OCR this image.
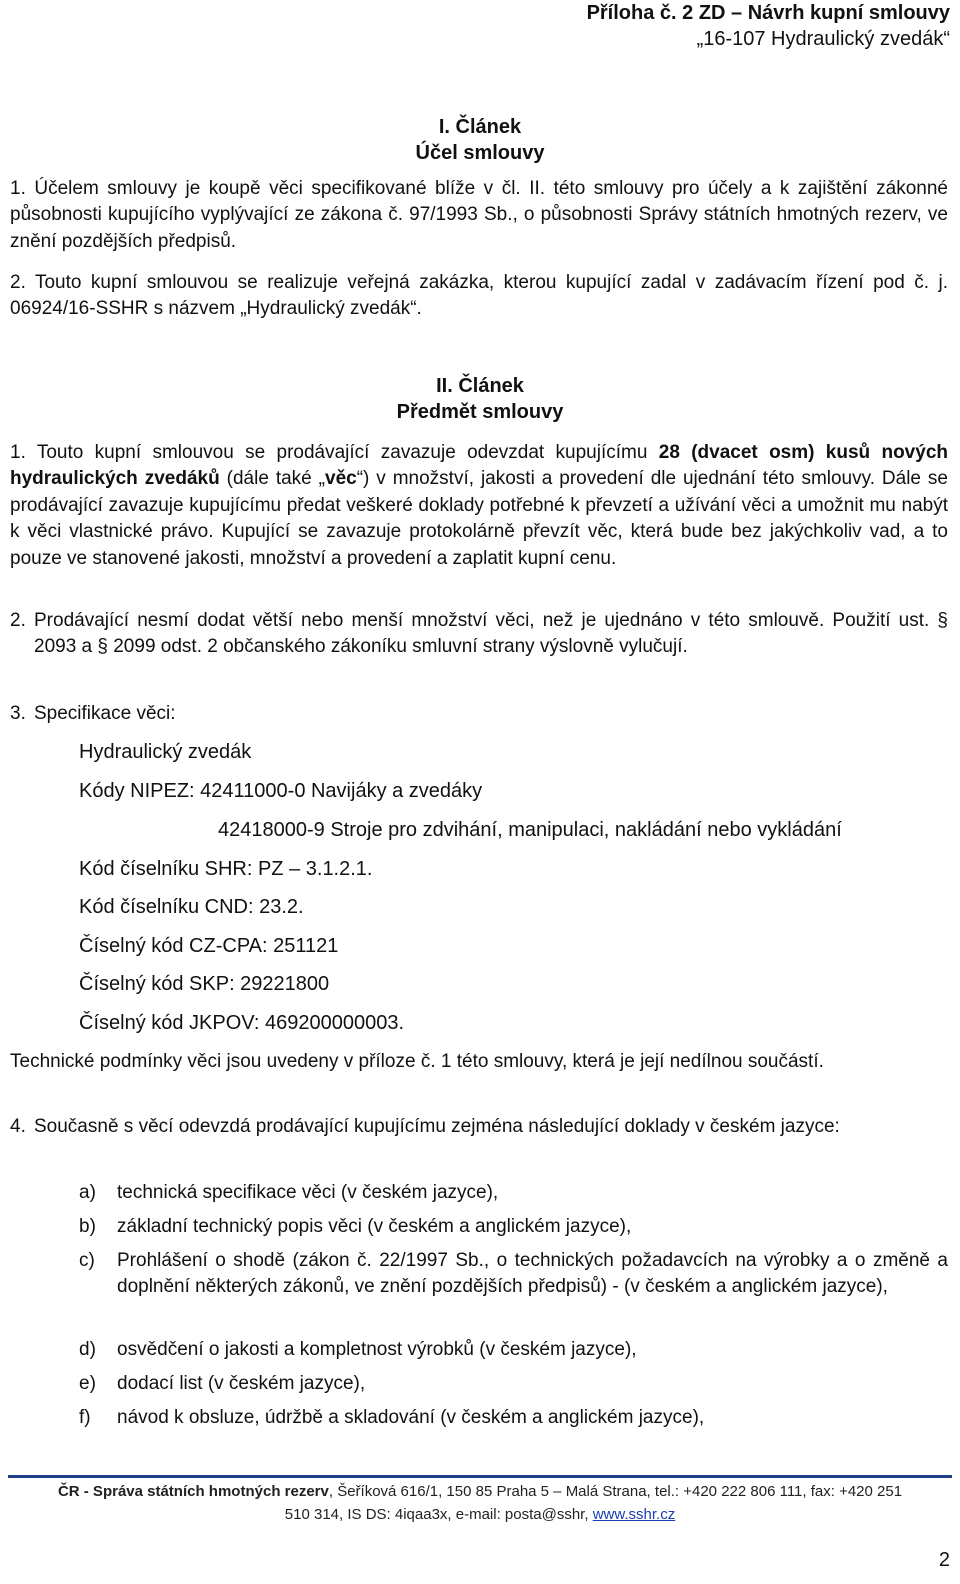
Příloha č. 2 ZD – Návrh kupní smlouvy
„16-107 Hydraulický zvedák“
I. Článek
Účel smlouvy
1. Účelem smlouvy je koupě věci specifikované blíže v čl. II. této smlouvy pro účely a k zajištění zákonné působnosti kupujícího vyplývající ze zákona č. 97/1993 Sb., o působnosti Správy státních hmotných rezerv, ve znění pozdějších předpisů.
2. Touto kupní smlouvou se realizuje veřejná zakázka, kterou kupující zadal v zadávacím řízení pod č. j. 06924/16-SSHR s názvem „Hydraulický zvedák“.
II. Článek
Předmět smlouvy
1. Touto kupní smlouvou se prodávající zavazuje odevzdat kupujícímu 28 (dvacet osm) kusů nových hydraulických zvedáků (dále také „věc“) v množství, jakosti a provedení dle ujednání této smlouvy. Dále se prodávající zavazuje kupujícímu předat veškeré doklady potřebné k převzetí a užívání věci a umožnit mu nabýt k věci vlastnické právo. Kupující se zavazuje protokolárně převzít věc, která bude bez jakýchkoliv vad, a to pouze ve stanovené jakosti, množství a provedení a zaplatit kupní cenu.
2. Prodávající nesmí dodat větší nebo menší množství věci, než je ujednáno v této smlouvě. Použití ust. § 2093 a § 2099 odst. 2 občanského zákoníku smluvní strany výslovně vylučují.
3. Specifikace věci:
Hydraulický zvedák
Kódy NIPEZ: 42411000-0 Navijáky a zvedáky
42418000-9 Stroje pro zdvihání, manipulaci, nakládání nebo vykládání
Kód číselníku SHR: PZ – 3.1.2.1.
Kód číselníku CND: 23.2.
Číselný kód CZ-CPA: 251121
Číselný kód SKP: 29221800
Číselný kód JKPOV: 469200000003.
Technické podmínky věci jsou uvedeny v příloze č. 1 této smlouvy, která je její nedílnou součástí.
4. Současně s věcí odevzdá prodávající kupujícímu zejména následující doklady v českém jazyce:
a) technická specifikace věci (v českém jazyce),
b) základní technický popis věci (v českém a anglickém jazyce),
c) Prohlášení o shodě (zákon č. 22/1997 Sb., o technických požadavcích na výrobky a o změně a doplnění některých zákonů, ve znění pozdějších předpisů) - (v českém a anglickém jazyce),
d) osvědčení o jakosti a kompletnost výrobků (v českém jazyce),
e) dodací list (v českém jazyce),
f) návod k obsluze, údržbě a skladování (v českém a anglickém jazyce),
ČR - Správa státních hmotných rezerv, Šeříková 616/1, 150 85 Praha 5 – Malá Strana, tel.: +420 222 806 111, fax: +420 251
510 314, IS DS: 4iqaa3x, e-mail: posta@sshr, www.sshr.cz
2
